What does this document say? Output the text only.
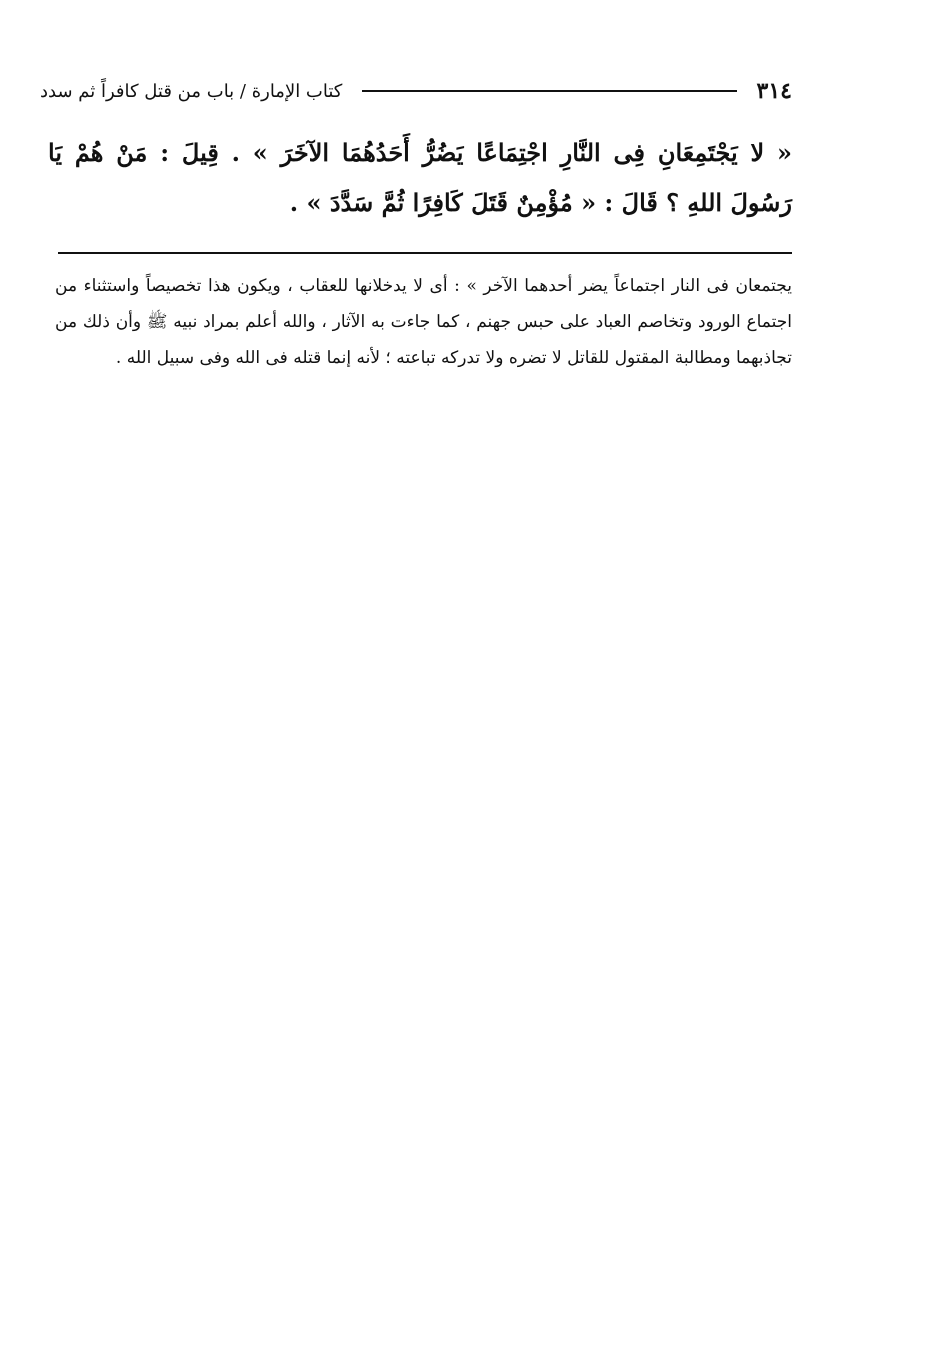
٣١٤
كتاب الإمارة / باب من قتل كافراً ثم سدد
« لا يَجْتَمِعَانِ فِى النَّارِ اجْتِمَاعًا يَضُرُّ أَحَدُهُمَا الآخَرَ » . قِيلَ : مَنْ هُمْ يَا رَسُولَ اللهِ ؟ قَالَ : « مُؤْمِنٌ قَتَلَ كَافِرًا ثُمَّ سَدَّدَ » .
يجتمعان فى النار اجتماعاً يضر أحدهما الآخر » : أى لا يدخلانها للعقاب ، ويكون هذا تخصيصاً واستثناء من اجتماع الورود وتخاصم العباد على حبس جهنم ، كما جاءت به الآثار ، والله أعلم بمراد نبيه ﷺ وأن ذلك من تجاذبهما ومطالبة المقتول للقاتل لا تضره ولا تدركه تباعته ؛ لأنه إنما قتله فى الله وفى سبيل الله .
